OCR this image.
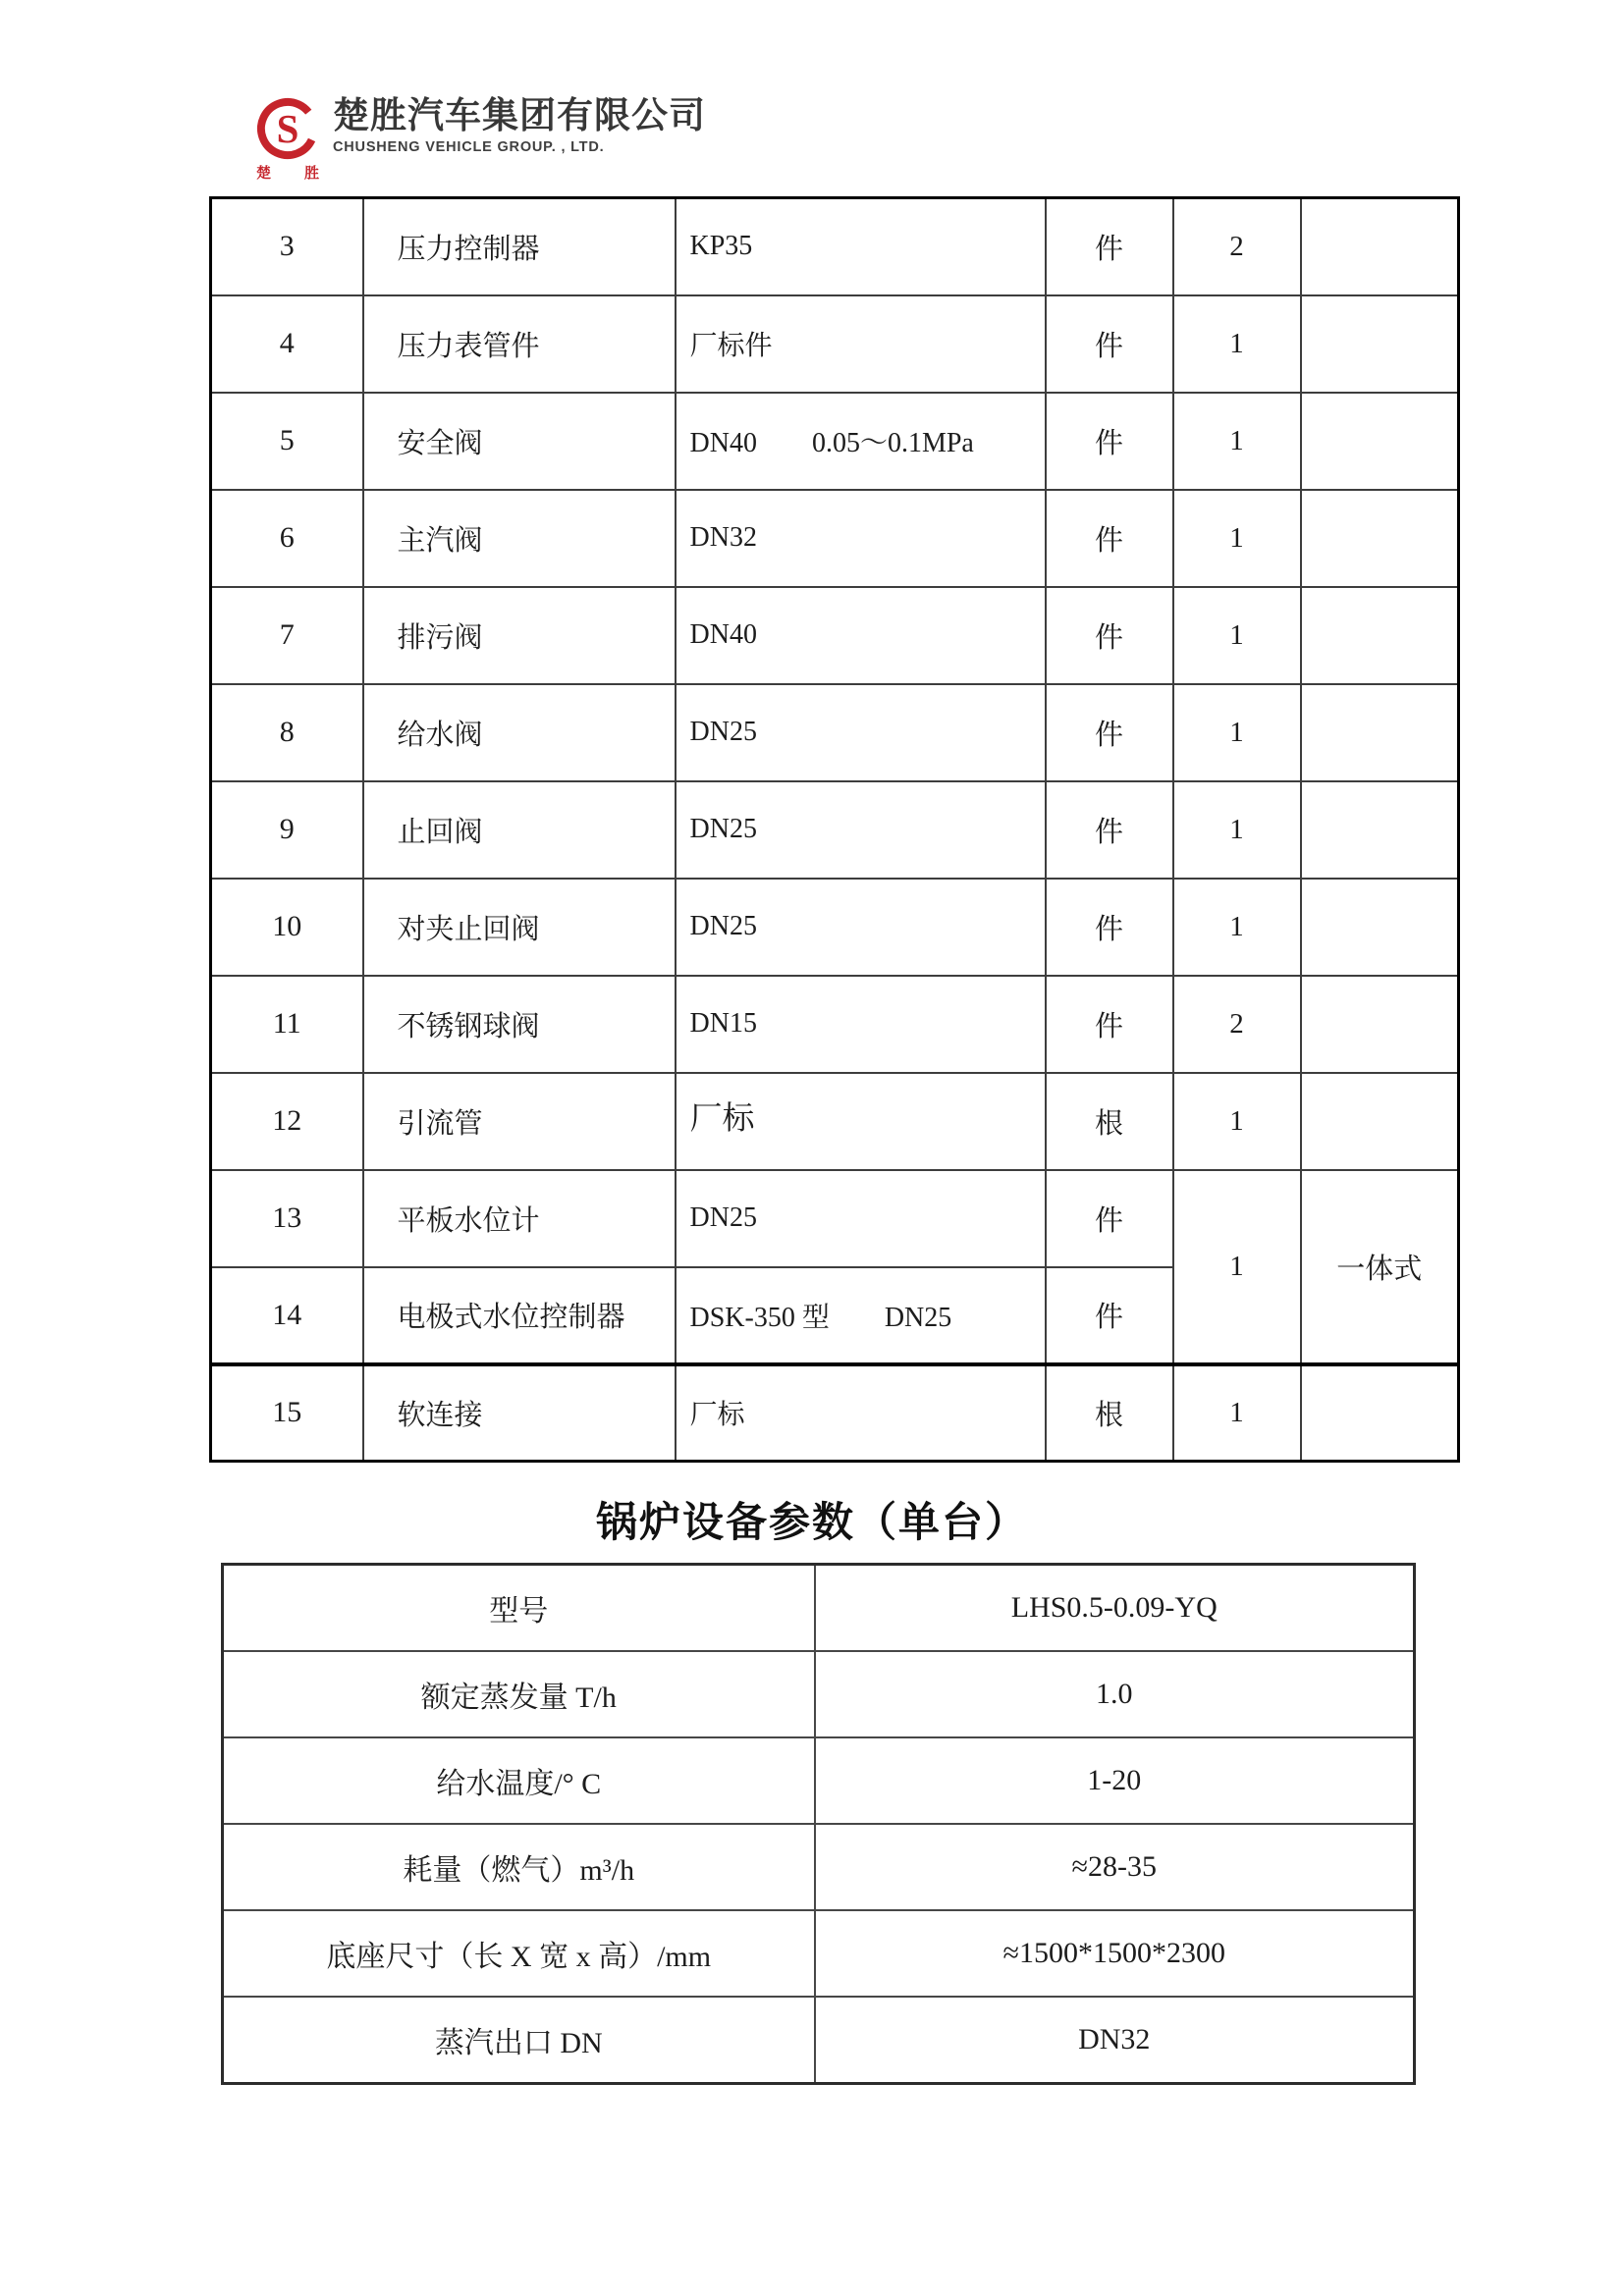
S
楚 胜
楚胜汽车集团有限公司
CHUSHENG VEHICLE GROUP. , LTD.
3	压力控制器	KP35	件	2	
4	压力表管件	厂标件	件	1	
5	安全阀	DN40　　0.05～0.1MPa	件	1	
6	主汽阀	DN32	件	1	
7	排污阀	DN40	件	1	
8	给水阀	DN25	件	1	
9	止回阀	DN25	件	1	
10	对夹止回阀	DN25	件	1	
11	不锈钢球阀	DN15	件	2	
12	引流管	厂标	根	1	
13	平板水位计	DN25	件	1	一体式
14	电极式水位控制器	DSK-350 型　　DN25	件		
15	软连接	厂标	根	1	
锅炉设备参数（单台）
型号	LHS0.5-0.09-YQ
额定蒸发量 T/h	1.0
给水温度/° C	1-20
耗量（燃气）m³/h	≈28-35
底座尺寸（长 X 宽 x 高）/mm	≈1500*1500*2300
蒸汽出口 DN	DN32
